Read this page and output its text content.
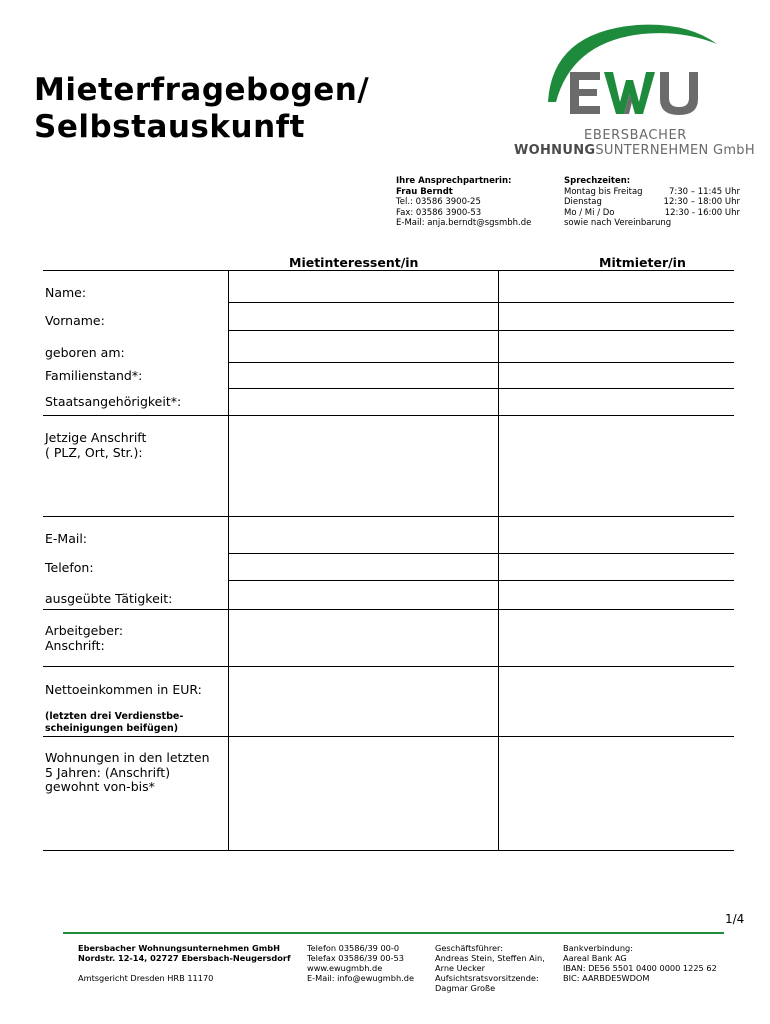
Mieterfragebogen/
Selbstauskunft	EBERSBACHER
WOHNUNGSUNTERNEHMEN GmbH
Ihre Ansprechpartnerin:
Frau Berndt
Tel.: 03586 3900-25
Fax: 03586 3900-53
E-Mail: anja.berndt@sgsmbh.de
Sprechzeiten:
Montag bis Freitag	7:30 – 11:45 Uhr
Dienstag	12:30 – 18:00 Uhr
Mo / Mi / Do	12:30 - 16:00 Uhr
sowie nach Vereinbarung
Mietinteressent/in	Mitmieter/in
Name:
Vorname:
geboren am:
Familienstand*:
Staatsangehörigkeit*:
Jetzige Anschrift
( PLZ, Ort, Str.):
E-Mail:
Telefon:
ausgeübte Tätigkeit:
Arbeitgeber:
Anschrift:
Nettoeinkommen in EUR:
(letzten drei Verdienstbe-
scheinigungen beifügen)
Wohnungen in den letzten
5 Jahren: (Anschrift)
gewohnt von-bis*
1/4
Ebersbacher Wohnungsunternehmen GmbH
Nordstr. 12-14, 02727 Ebersbach-Neugersdorf
Amtsgericht Dresden HRB 11170
Telefon 03586/39 00-0
Telefax 03586/39 00-53
www.ewugmbh.de
E-Mail: info@ewugmbh.de
Geschäftsführer:
Andreas Stein, Steffen Ain,
Arne Uecker
Aufsichtsratsvorsitzende:
Dagmar Große
Bankverbindung:
Aareal Bank AG
IBAN: DE56 5501 0400 0000 1225 62
BIC: AARBDE5WDOM
